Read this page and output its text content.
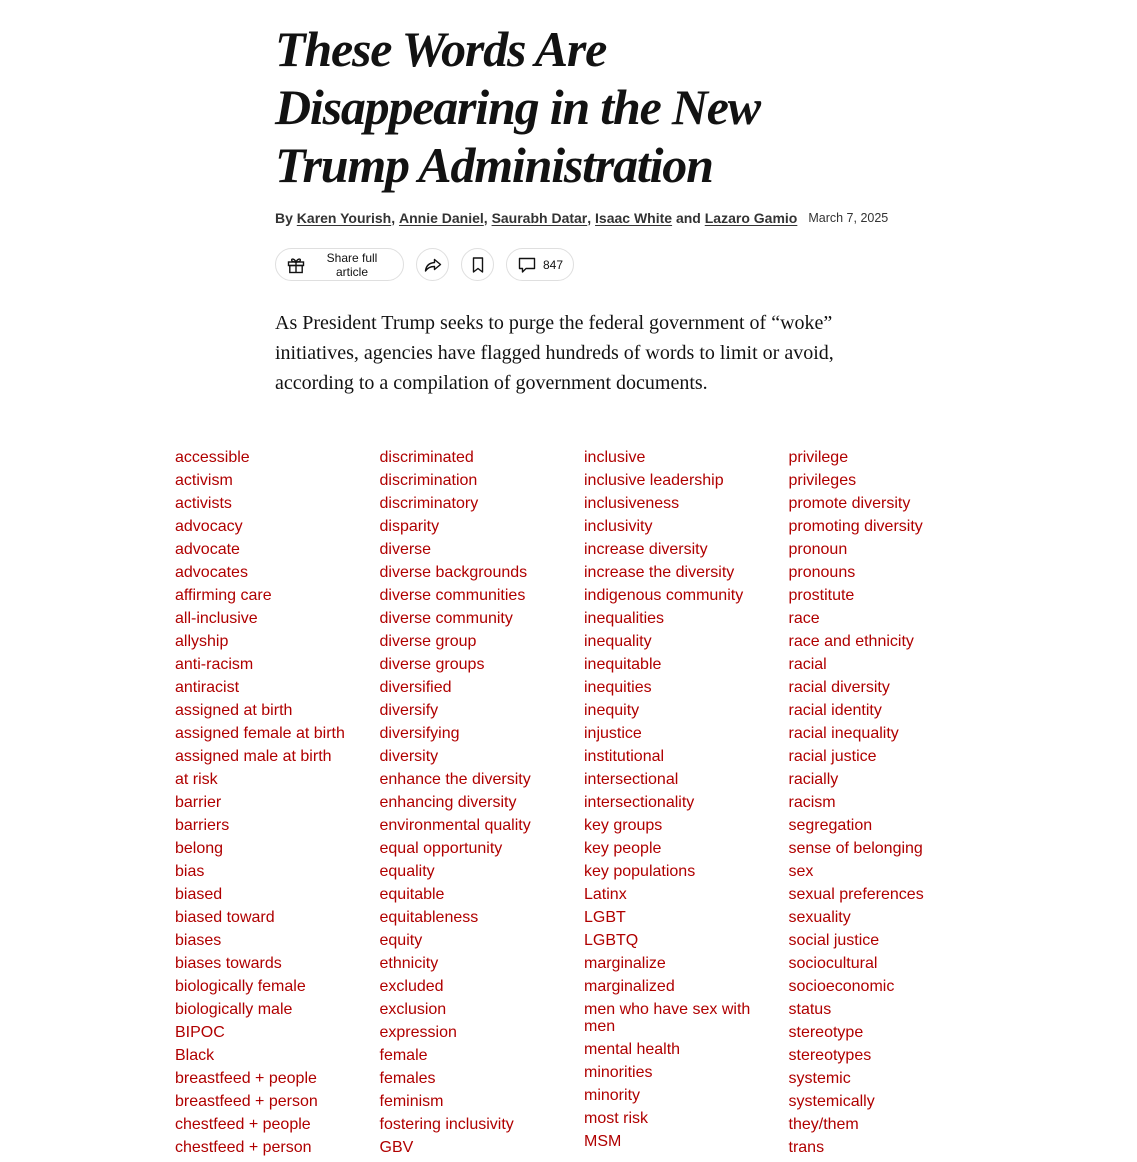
These Words Are Disappearing in the New Trump Administration
By
Karen Yourish ,
Annie Daniel ,
Saurabh Datar ,
Isaac White
and
Lazaro Gamio March 7, 2025
Share full article	847

As President Trump seeks to purge the federal government of “woke” initiatives, agencies have flagged hundreds of words to limit or avoid, according to a compilation of government documents.

accessible
activism
activists
advocacy
advocate
advocates
affirming care
all-inclusive
allyship
anti-racism
antiracist
assigned at birth
assigned female at birth
assigned male at birth
at risk
barrier
barriers
belong
bias
biased
biased toward
biases
biases towards
biologically female
biologically male
BIPOC
Black
breastfeed + people
breastfeed + person
chestfeed + people
chestfeed + person
discriminated
discrimination
discriminatory
disparity
diverse
diverse backgrounds
diverse communities
diverse community
diverse group
diverse groups
diversified
diversify
diversifying
diversity
enhance the diversity
enhancing diversity
environmental quality
equal opportunity
equality
equitable
equitableness
equity
ethnicity
excluded
exclusion
expression
female
females
feminism
fostering inclusivity
GBV
inclusive
inclusive leadership
inclusiveness
inclusivity
increase diversity
increase the diversity
indigenous community
inequalities
inequality
inequitable
inequities
inequity
injustice
institutional
intersectional
intersectionality
key groups
key people
key populations
Latinx
LGBT
LGBTQ
marginalize
marginalized
men who have sex with men
mental health
minorities
minority
most risk
MSM
privilege
privileges
promote diversity
promoting diversity
pronoun
pronouns
prostitute
race
race and ethnicity
racial
racial diversity
racial identity
racial inequality
racial justice
racially
racism
segregation
sense of belonging
sex
sexual preferences
sexuality
social justice
sociocultural
socioeconomic
status
stereotype
stereotypes
systemic
systemically
they/them
trans
